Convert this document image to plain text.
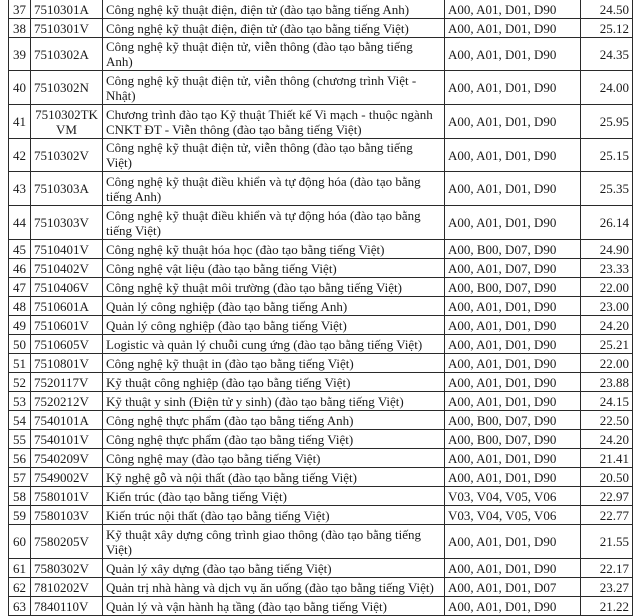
37	7510301A	Công nghệ kỹ thuật điện, điện tử (đào tạo bằng tiếng Anh)	A00, A01, D01, D90	24.50
38	7510301V	Công nghệ kỹ thuật điện, điện tử (đào tạo bằng tiếng Việt)	A00, A01, D01, D90	25.12
39	7510302A	Công nghệ kỹ thuật điện tử, viễn thông (đào tạo bằng tiếng Anh)	A00, A01, D01, D90	24.35
40	7510302N	Công nghệ kỹ thuật điện tử, viễn thông (chương trình Việt - Nhật)	A00, A01, D01, D90	24.00
41	7510302TK VM	Chương trình đào tạo Kỹ thuật Thiết kế Vi mạch - thuộc ngành CNKT ĐT - Viễn thông (đào tạo bằng tiếng Việt)	A00, A01, D01, D90	25.95
42	7510302V	Công nghệ kỹ thuật điện tử, viễn thông (đào tạo bằng tiếng Việt)	A00, A01, D01, D90	25.15
43	7510303A	Công nghệ kỹ thuật điều khiển và tự động hóa (đào tạo bằng tiếng Anh)	A00, A01, D01, D90	25.35
44	7510303V	Công nghệ kỹ thuật điều khiển và tự động hóa (đào tạo bằng tiếng Việt)	A00, A01, D01, D90	26.14
45	7510401V	Công nghệ kỹ thuật hóa học (đào tạo bằng tiếng Việt)	A00, B00, D07, D90	24.90
46	7510402V	Công nghệ vật liệu (đào tạo bằng tiếng Việt)	A00, A01, D07, D90	23.33
47	7510406V	Công nghệ kỹ thuật môi trường (đào tạo bằng tiếng Việt)	A00, B00, D07, D90	22.00
48	7510601A	Quản lý công nghiệp (đào tạo bằng tiếng Anh)	A00, A01, D01, D90	23.00
49	7510601V	Quản lý công nghiệp (đào tạo bằng tiếng Việt)	A00, A01, D01, D90	24.20
50	7510605V	Logistic và quản lý chuỗi cung ứng (đào tạo bằng tiếng Việt)	A00, A01, D01, D90	25.21
51	7510801V	Công nghệ kỹ thuật in (đào tạo bằng tiếng Việt)	A00, A01, D01, D90	22.00
52	7520117V	Kỹ thuật công nghiệp (đào tạo bằng tiếng Việt)	A00, A01, D01, D90	23.88
53	7520212V	Kỹ thuật y sinh (Điện tử y sinh) (đào tạo bằng tiếng Việt)	A00, A01, D01, D90	24.15
54	7540101A	Công nghệ thực phẩm (đào tạo bằng tiếng Anh)	A00, B00, D07, D90	22.50
55	7540101V	Công nghệ thực phẩm (đào tạo bằng tiếng Việt)	A00, B00, D07, D90	24.20
56	7540209V	Công nghệ may (đào tạo bằng tiếng Việt)	A00, A01, D01, D90	21.41
57	7549002V	Kỹ nghệ gỗ và nội thất (đào tạo bằng tiếng Việt)	A00, A01, D01, D90	20.50
58	7580101V	Kiến trúc (đào tạo bằng tiếng Việt)	V03, V04, V05, V06	22.97
59	7580103V	Kiến trúc nội thất (đào tạo bằng tiếng Việt)	V03, V04, V05, V06	22.77
60	7580205V	Kỹ thuật xây dựng công trình giao thông (đào tạo bằng tiếng Việt)	A00, A01, D01, D90	21.55
61	7580302V	Quản lý xây dựng (đào tạo bằng tiếng Việt)	A00, A01, D01, D90	22.17
62	7810202V	Quản trị nhà hàng và dịch vụ ăn uống (đào tạo bằng tiếng Việt)	A00, A01, D01, D07	23.27
63	7840110V	Quản lý và vận hành hạ tầng (đào tạo bằng tiếng Việt)	A00, A01, D01, D90	21.22
